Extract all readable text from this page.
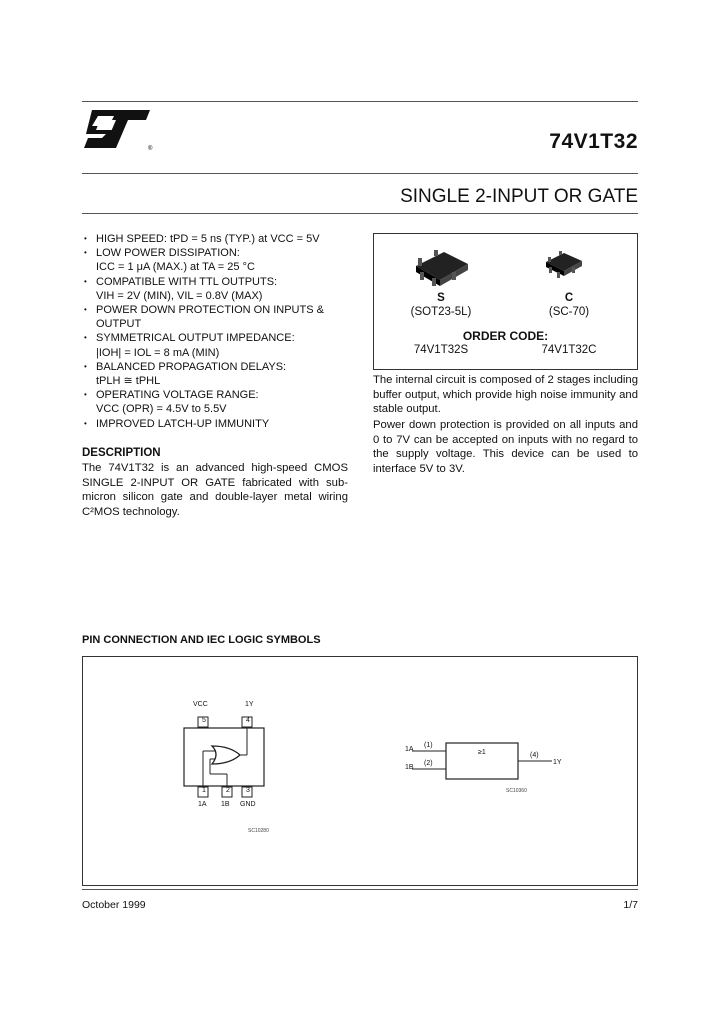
®	74V1T32
SINGLE 2-INPUT OR GATE
• HIGH SPEED: tPD = 5 ns (TYP.) at VCC = 5V
• LOW POWER DISSIPATION:
ICC = 1 μA (MAX.) at TA = 25 °C
• COMPATIBLE WITH TTL OUTPUTS:
VIH = 2V (MIN), VIL = 0.8V (MAX)
• POWER DOWN PROTECTION ON INPUTS &
OUTPUT
• SYMMETRICAL OUTPUT IMPEDANCE:
|IOH| = IOL = 8 mA (MIN)
• BALANCED PROPAGATION DELAYS:
tPLH ≅ tPHL
• OPERATING VOLTAGE RANGE:
VCC (OPR) = 4.5V to 5.5V
• IMPROVED LATCH-UP IMMUNITY
DESCRIPTION
The 74V1T32 is an advanced high-speed CMOS SINGLE 2-INPUT OR GATE fabricated with sub-micron silicon gate and double-layer metal wiring C²MOS technology.
S
(SOT23-5L)
C
(SC-70)
ORDER CODE:
74V1T32S	74V1T32C
The internal circuit is composed of 2 stages including buffer output, which provide high noise immunity and stable output.
Power down protection is provided on all inputs and 0 to 7V can be accepted on inputs with no regard to the supply voltage. This device can be used to interface 5V to 3V.
PIN CONNECTION AND IEC LOGIC SYMBOLS
VCC	1Y
5	4
1	2 3
1A 1B GND
SC10280
1A
1B
(1)
(2)
≥1	(4)
1Y
SC10360
October 1999	1/7
